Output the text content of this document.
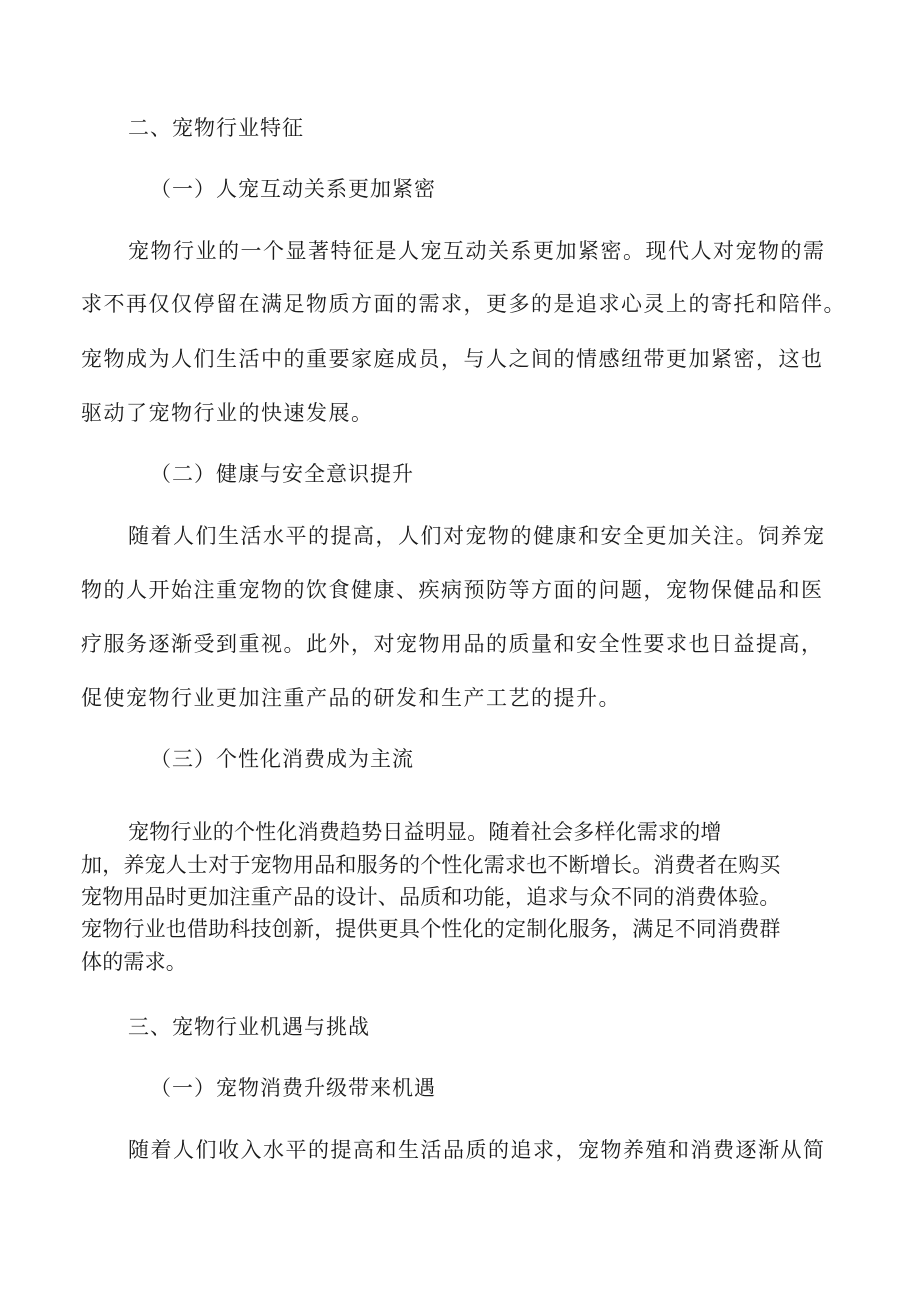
二、宠物行业特征
（一）人宠互动关系更加紧密
宠物行业的一个显著特征是人宠互动关系更加紧密。现代人对宠物的需
求不再仅仅停留在满足物质方面的需求，更多的是追求心灵上的寄托和陪伴。
宠物成为人们生活中的重要家庭成员，与人之间的情感纽带更加紧密，这也
驱动了宠物行业的快速发展。
（二）健康与安全意识提升
随着人们生活水平的提高，人们对宠物的健康和安全更加关注。饲养宠
物的人开始注重宠物的饮食健康、疾病预防等方面的问题，宠物保健品和医
疗服务逐渐受到重视。此外，对宠物用品的质量和安全性要求也日益提高，
促使宠物行业更加注重产品的研发和生产工艺的提升。
（三）个性化消费成为主流
宠物行业的个性化消费趋势日益明显。随着社会多样化需求的增
加，养宠人士对于宠物用品和服务的个性化需求也不断增长。消费者在购买
宠物用品时更加注重产品的设计、品质和功能，追求与众不同的消费体验。
宠物行业也借助科技创新，提供更具个性化的定制化服务，满足不同消费群
体的需求。
三、宠物行业机遇与挑战
（一）宠物消费升级带来机遇
随着人们收入水平的提高和生活品质的追求，宠物养殖和消费逐渐从简
